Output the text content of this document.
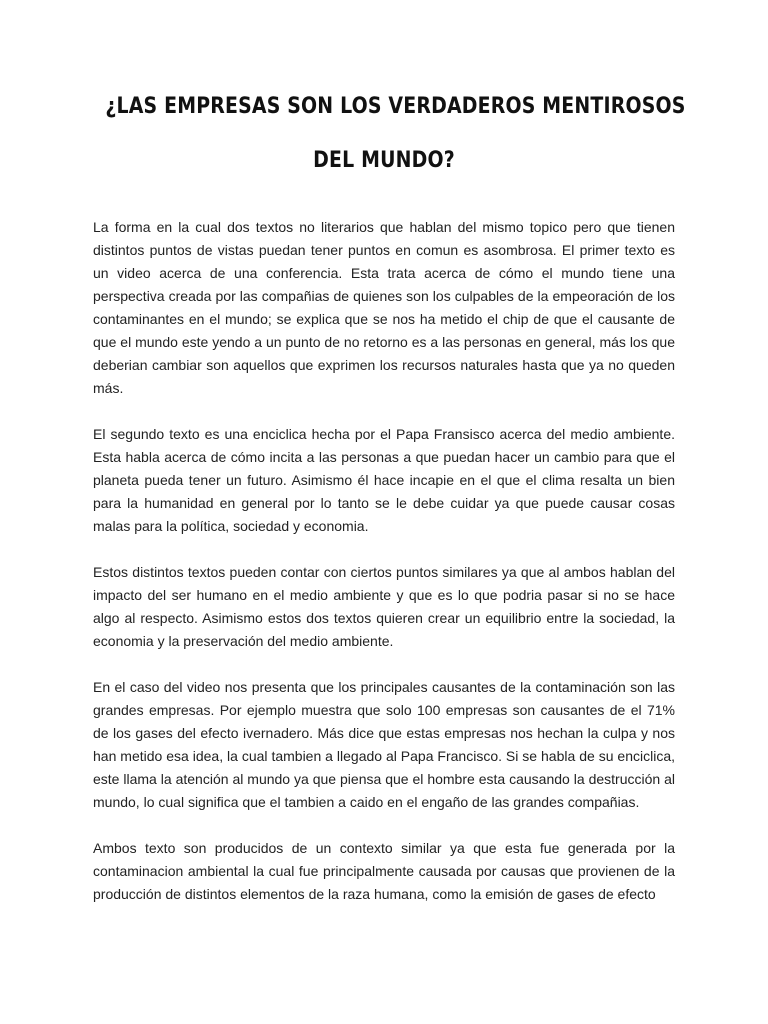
¿LAS EMPRESAS SON LOS VERDADEROS MENTIROSOS
DEL MUNDO?

La forma en la cual dos textos no literarios que hablan del mismo topico pero que tienen distintos puntos de vistas puedan tener puntos en comun es asombrosa. El primer texto es un video acerca de una conferencia. Esta trata acerca de cómo el mundo tiene una perspectiva creada por las compañias de quienes son los culpables de la empeoración de los contaminantes en el mundo; se explica que se nos ha metido el chip de que el causante de que el mundo este yendo a un punto de no retorno es a las personas en general, más los que deberian cambiar son aquellos que exprimen los recursos naturales hasta que ya no queden más.

El segundo texto es una enciclica hecha por el Papa Fransisco acerca del medio ambiente. Esta habla acerca de cómo incita a las personas a que puedan hacer un cambio para que el planeta pueda tener un futuro. Asimismo él hace incapie en el que el clima resalta un bien para la humanidad en general por lo tanto se le debe cuidar ya que puede causar cosas malas para la política, sociedad y economia.

Estos distintos textos pueden contar con ciertos puntos similares ya que al ambos hablan del impacto del ser humano en el medio ambiente y que es lo que podria pasar si no se hace algo al respecto. Asimismo estos dos textos quieren crear un equilibrio entre la sociedad, la economia y la preservación del medio ambiente.

En el caso del video nos presenta que los principales causantes de la contaminación son las grandes empresas. Por ejemplo muestra que solo 100 empresas son causantes de el 71% de los gases del efecto ivernadero. Más dice que estas empresas nos hechan la culpa y nos han metido esa idea, la cual tambien a llegado al Papa Francisco. Si se habla de su enciclica, este llama la atención al mundo ya que piensa que el hombre esta causando la destrucción al mundo, lo cual significa que el tambien a caido en el engaño de las grandes compañias.

Ambos texto son producidos de un contexto similar ya que esta fue generada por la contaminacion ambiental la cual fue principalmente causada por causas que provienen de la producción de distintos elementos de la raza humana, como la emisión de gases de efecto
